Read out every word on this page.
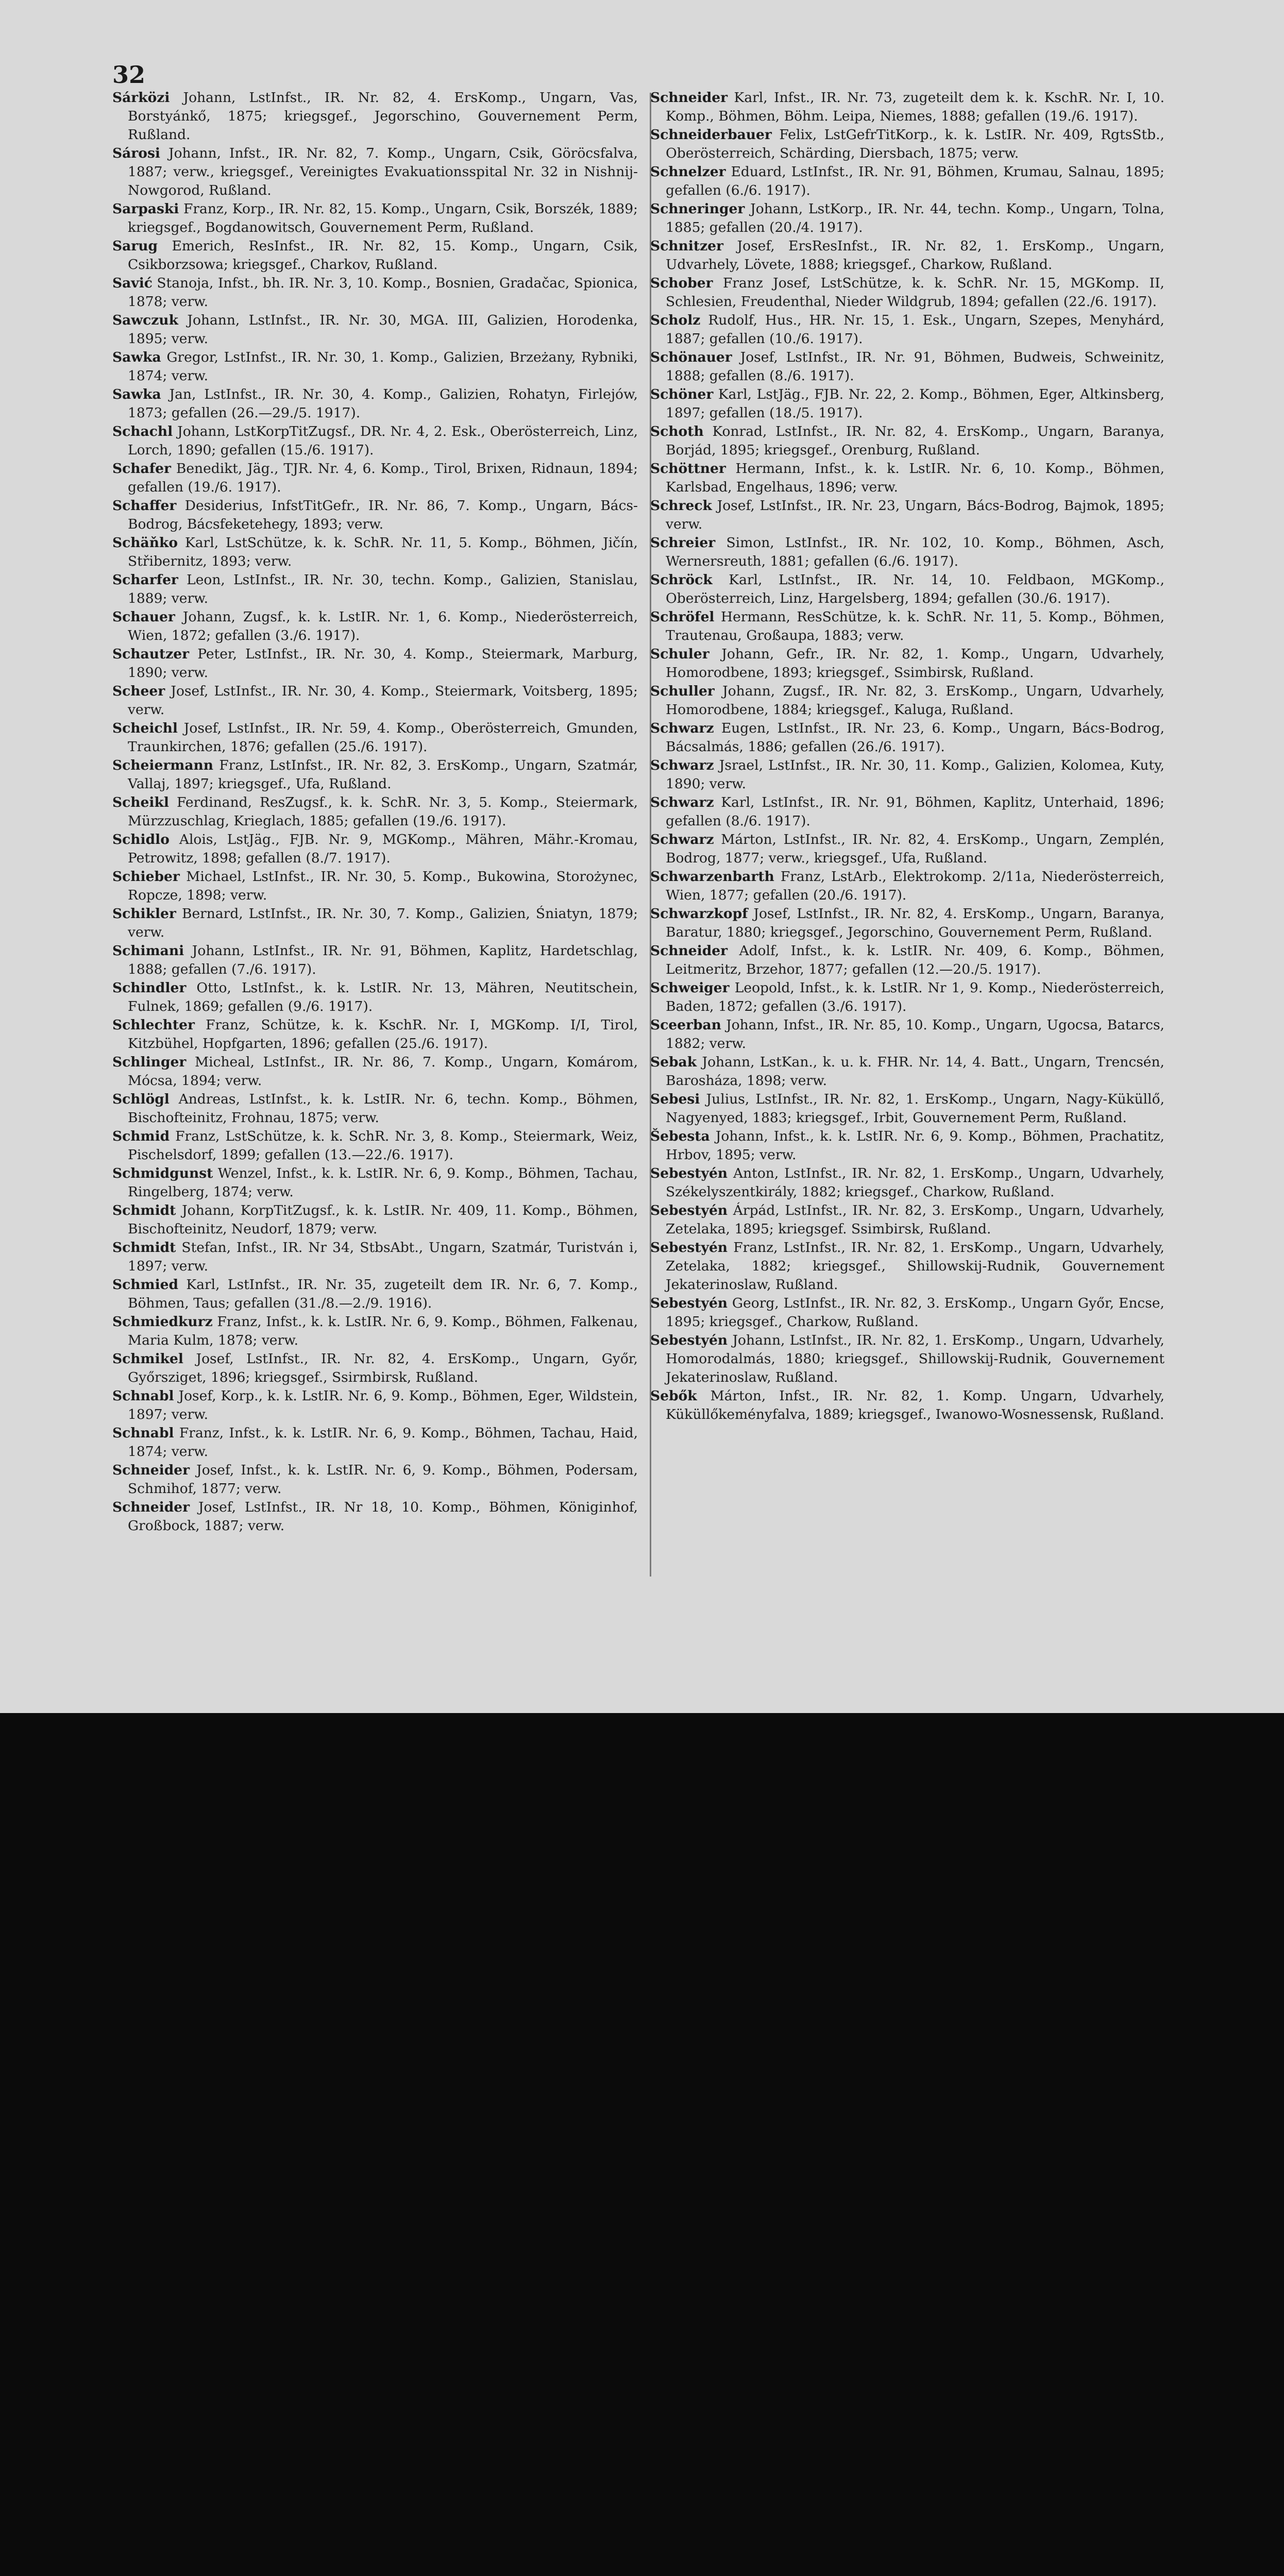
32
Sárközi Johann, LstInfst., IR. Nr. 82, 4. ErsKomp., Ungarn, Vas, Borstyánkő, 1875; kriegsgef., Jegorschino, Gouvernement Perm, Rußland.
Sárosi Johann, Infst., IR. Nr. 82, 7. Komp., Ungarn, Csik, Göröcsfalva, 1887; verw., kriegsgef., Vereinigtes Evakuationsspital Nr. 32 in Nishnij-Nowgorod, Rußland.
Sarpaski Franz, Korp., IR. Nr. 82, 15. Komp., Ungarn, Csik, Borszék, 1889; kriegsgef., Bogdanowitsch, Gouvernement Perm, Rußland.
Sarug Emerich, ResInfst., IR. Nr. 82, 15. Komp., Ungarn, Csik, Csikborzsowa; kriegsgef., Charkov, Rußland.
Savić Stanoja, Infst., bh. IR. Nr. 3, 10. Komp., Bosnien, Gradačac, Spionica, 1878; verw.
Sawczuk Johann, LstInfst., IR. Nr. 30, MGA. III, Galizien, Horodenka, 1895; verw.
Sawka Gregor, LstInfst., IR. Nr. 30, 1. Komp., Galizien, Brzeżany, Rybniki, 1874; verw.
Sawka Jan, LstInfst., IR. Nr. 30, 4. Komp., Galizien, Rohatyn, Firlejów, 1873; gefallen (26.—29./5. 1917).
Schachl Johann, LstKorpTitZugsf., DR. Nr. 4, 2. Esk., Oberösterreich, Linz, Lorch, 1890; gefallen (15./6. 1917).
Schafer Benedikt, Jäg., TJR. Nr. 4, 6. Komp., Tirol, Brixen, Ridnaun, 1894; gefallen (19./6. 1917).
Schaffer Desiderius, InfstTitGefr., IR. Nr. 86, 7. Komp., Ungarn, Bács-Bodrog, Bácsfeketehegy, 1893; verw.
Schäňko Karl, LstSchütze, k. k. SchR. Nr. 11, 5. Komp., Böhmen, Jičín, Střibernitz, 1893; verw.
Scharfer Leon, LstInfst., IR. Nr. 30, techn. Komp., Galizien, Stanislau, 1889; verw.
Schauer Johann, Zugsf., k. k. LstIR. Nr. 1, 6. Komp., Niederösterreich, Wien, 1872; gefallen (3./6. 1917).
Schautzer Peter, LstInfst., IR. Nr. 30, 4. Komp., Steiermark, Marburg, 1890; verw.
Scheer Josef, LstInfst., IR. Nr. 30, 4. Komp., Steiermark, Voitsberg, 1895; verw.
Scheichl Josef, LstInfst., IR. Nr. 59, 4. Komp., Oberösterreich, Gmunden, Traunkirchen, 1876; gefallen (25./6. 1917).
Scheiermann Franz, LstInfst., IR. Nr. 82, 3. ErsKomp., Ungarn, Szatmár, Vallaj, 1897; kriegsgef., Ufa, Rußland.
Scheikl Ferdinand, ResZugsf., k. k. SchR. Nr. 3, 5. Komp., Steiermark, Mürzzuschlag, Krieglach, 1885; gefallen (19./6. 1917).
Schidlo Alois, LstJäg., FJB. Nr. 9, MGKomp., Mähren, Mähr.-Kromau, Petrowitz, 1898; gefallen (8./7. 1917).
Schieber Michael, LstInfst., IR. Nr. 30, 5. Komp., Bukowina, Storożynec, Ropcze, 1898; verw.
Schikler Bernard, LstInfst., IR. Nr. 30, 7. Komp., Galizien, Śniatyn, 1879; verw.
Schimani Johann, LstInfst., IR. Nr. 91, Böhmen, Kaplitz, Hardetschlag, 1888; gefallen (7./6. 1917).
Schindler Otto, LstInfst., k. k. LstIR. Nr. 13, Mähren, Neutitschein, Fulnek, 1869; gefallen (9./6. 1917).
Schlechter Franz, Schütze, k. k. KschR. Nr. I, MGKomp. I/I, Tirol, Kitzbühel, Hopfgarten, 1896; gefallen (25./6. 1917).
Schlinger Micheal, LstInfst., IR. Nr. 86, 7. Komp., Ungarn, Komárom, Mócsa, 1894; verw.
Schlögl Andreas, LstInfst., k. k. LstIR. Nr. 6, techn. Komp., Böhmen, Bischofteinitz, Frohnau, 1875; verw.
Schmid Franz, LstSchütze, k. k. SchR. Nr. 3, 8. Komp., Steiermark, Weiz, Pischelsdorf, 1899; gefallen (13.—22./6. 1917).
Schmidgunst Wenzel, Infst., k. k. LstIR. Nr. 6, 9. Komp., Böhmen, Tachau, Ringelberg, 1874; verw.
Schmidt Johann, KorpTitZugsf., k. k. LstIR. Nr. 409, 11. Komp., Böhmen, Bischofteinitz, Neudorf, 1879; verw.
Schmidt Stefan, Infst., IR. Nr 34, StbsAbt., Ungarn, Szatmár, Turistván i, 1897; verw.
Schmied Karl, LstInfst., IR. Nr. 35, zugeteilt dem IR. Nr. 6, 7. Komp., Böhmen, Taus; gefallen (31./8.—2./9. 1916).
Schmiedkurz Franz, Infst., k. k. LstIR. Nr. 6, 9. Komp., Böhmen, Falkenau, Maria Kulm, 1878; verw.
Schmikel Josef, LstInfst., IR. Nr. 82, 4. ErsKomp., Ungarn, Győr, Győrsziget, 1896; kriegsgef., Ssirmbirsk, Rußland.
Schnabl Josef, Korp., k. k. LstIR. Nr. 6, 9. Komp., Böhmen, Eger, Wildstein, 1897; verw.
Schnabl Franz, Infst., k. k. LstIR. Nr. 6, 9. Komp., Böhmen, Tachau, Haid, 1874; verw.
Schneider Josef, Infst., k. k. LstIR. Nr. 6, 9. Komp., Böhmen, Podersam, Schmihof, 1877; verw.
Schneider Josef, LstInfst., IR. Nr 18, 10. Komp., Böhmen, Königinhof, Großbock, 1887; verw.
Schneider Karl, Infst., IR. Nr. 73, zugeteilt dem k. k. KschR. Nr. I, 10. Komp., Böhmen, Böhm. Leipa, Niemes, 1888; gefallen (19./6. 1917).
Schneiderbauer Felix, LstGefrTitKorp., k. k. LstIR. Nr. 409, RgtsStb., Oberösterreich, Schärding, Diersbach, 1875; verw.
Schnelzer Eduard, LstInfst., IR. Nr. 91, Böhmen, Krumau, Salnau, 1895; gefallen (6./6. 1917).
Schneringer Johann, LstKorp., IR. Nr. 44, techn. Komp., Ungarn, Tolna, 1885; gefallen (20./4. 1917).
Schnitzer Josef, ErsResInfst., IR. Nr. 82, 1. ErsKomp., Ungarn, Udvarhely, Lövete, 1888; kriegsgef., Charkow, Rußland.
Schober Franz Josef, LstSchütze, k. k. SchR. Nr. 15, MGKomp. II, Schlesien, Freudenthal, Nieder Wildgrub, 1894; gefallen (22./6. 1917).
Scholz Rudolf, Hus., HR. Nr. 15, 1. Esk., Ungarn, Szepes, Menyhárd, 1887; gefallen (10./6. 1917).
Schönauer Josef, LstInfst., IR. Nr. 91, Böhmen, Budweis, Schweinitz, 1888; gefallen (8./6. 1917).
Schöner Karl, LstJäg., FJB. Nr. 22, 2. Komp., Böhmen, Eger, Altkinsberg, 1897; gefallen (18./5. 1917).
Schoth Konrad, LstInfst., IR. Nr. 82, 4. ErsKomp., Ungarn, Baranya, Borjád, 1895; kriegsgef., Orenburg, Rußland.
Schöttner Hermann, Infst., k. k. LstIR. Nr. 6, 10. Komp., Böhmen, Karlsbad, Engelhaus, 1896; verw.
Schreck Josef, LstInfst., IR. Nr. 23, Ungarn, Bács-Bodrog, Bajmok, 1895; verw.
Schreier Simon, LstInfst., IR. Nr. 102, 10. Komp., Böhmen, Asch, Wernersreuth, 1881; gefallen (6./6. 1917).
Schröck Karl, LstInfst., IR. Nr. 14, 10. Feldbaon, MGKomp., Oberösterreich, Linz, Hargelsberg, 1894; gefallen (30./6. 1917).
Schröfel Hermann, ResSchütze, k. k. SchR. Nr. 11, 5. Komp., Böhmen, Trautenau, Großaupa, 1883; verw.
Schuler Johann, Gefr., IR. Nr. 82, 1. Komp., Ungarn, Udvarhely, Homorodbene, 1893; kriegsgef., Ssimbirsk, Rußland.
Schuller Johann, Zugsf., IR. Nr. 82, 3. ErsKomp., Ungarn, Udvarhely, Homorodbene, 1884; kriegsgef., Kaluga, Rußland.
Schwarz Eugen, LstInfst., IR. Nr. 23, 6. Komp., Ungarn, Bács-Bodrog, Bácsalmás, 1886; gefallen (26./6. 1917).
Schwarz Jsrael, LstInfst., IR. Nr. 30, 11. Komp., Galizien, Kolomea, Kuty, 1890; verw.
Schwarz Karl, LstInfst., IR. Nr. 91, Böhmen, Kaplitz, Unterhaid, 1896; gefallen (8./6. 1917).
Schwarz Márton, LstInfst., IR. Nr. 82, 4. ErsKomp., Ungarn, Zemplén, Bodrog, 1877; verw., kriegsgef., Ufa, Rußland.
Schwarzenbarth Franz, LstArb., Elektrokomp. 2/11a, Niederösterreich, Wien, 1877; gefallen (20./6. 1917).
Schwarzkopf Josef, LstInfst., IR. Nr. 82, 4. ErsKomp., Ungarn, Baranya, Baratur, 1880; kriegsgef., Jegorschino, Gouvernement Perm, Rußland.
Schneider Adolf, Infst., k. k. LstIR. Nr. 409, 6. Komp., Böhmen, Leitmeritz, Brzehor, 1877; gefallen (12.—20./5. 1917).
Schweiger Leopold, Infst., k. k. LstIR. Nr 1, 9. Komp., Niederösterreich, Baden, 1872; gefallen (3./6. 1917).
Sceerban Johann, Infst., IR. Nr. 85, 10. Komp., Ungarn, Ugocsa, Batarcs, 1882; verw.
Sebak Johann, LstKan., k. u. k. FHR. Nr. 14, 4. Batt., Ungarn, Trencsén, Barosháza, 1898; verw.
Sebesi Julius, LstInfst., IR. Nr. 82, 1. ErsKomp., Ungarn, Nagy-Küküllő, Nagyenyed, 1883; kriegsgef., Irbit, Gouvernement Perm, Rußland.
Šebesta Johann, Infst., k. k. LstIR. Nr. 6, 9. Komp., Böhmen, Prachatitz, Hrbov, 1895; verw.
Sebestyén Anton, LstInfst., IR. Nr. 82, 1. ErsKomp., Ungarn, Udvarhely, Székelyszentkirály, 1882; kriegsgef., Charkow, Rußland.
Sebestyén Árpád, LstInfst., IR. Nr. 82, 3. ErsKomp., Ungarn, Udvarhely, Zetelaka, 1895; kriegsgef. Ssimbirsk, Rußland.
Sebestyén Franz, LstInfst., IR. Nr. 82, 1. ErsKomp., Ungarn, Udvarhely, Zetelaka, 1882; kriegsgef., Shillowskij-Rudnik, Gouvernement Jekaterinoslaw, Rußland.
Sebestyén Georg, LstInfst., IR. Nr. 82, 3. ErsKomp., Ungarn Győr, Encse, 1895; kriegsgef., Charkow, Rußland.
Sebestyén Johann, LstInfst., IR. Nr. 82, 1. ErsKomp., Ungarn, Udvarhely, Homorodalmás, 1880; kriegsgef., Shillowskij-Rudnik, Gouvernement Jekaterinoslaw, Rußland.
Sebők Márton, Infst., IR. Nr. 82, 1. Komp. Ungarn, Udvarhely, Küküllőkeményfalva, 1889; kriegsgef., Iwanowo-Wosnessensk, Rußland.
